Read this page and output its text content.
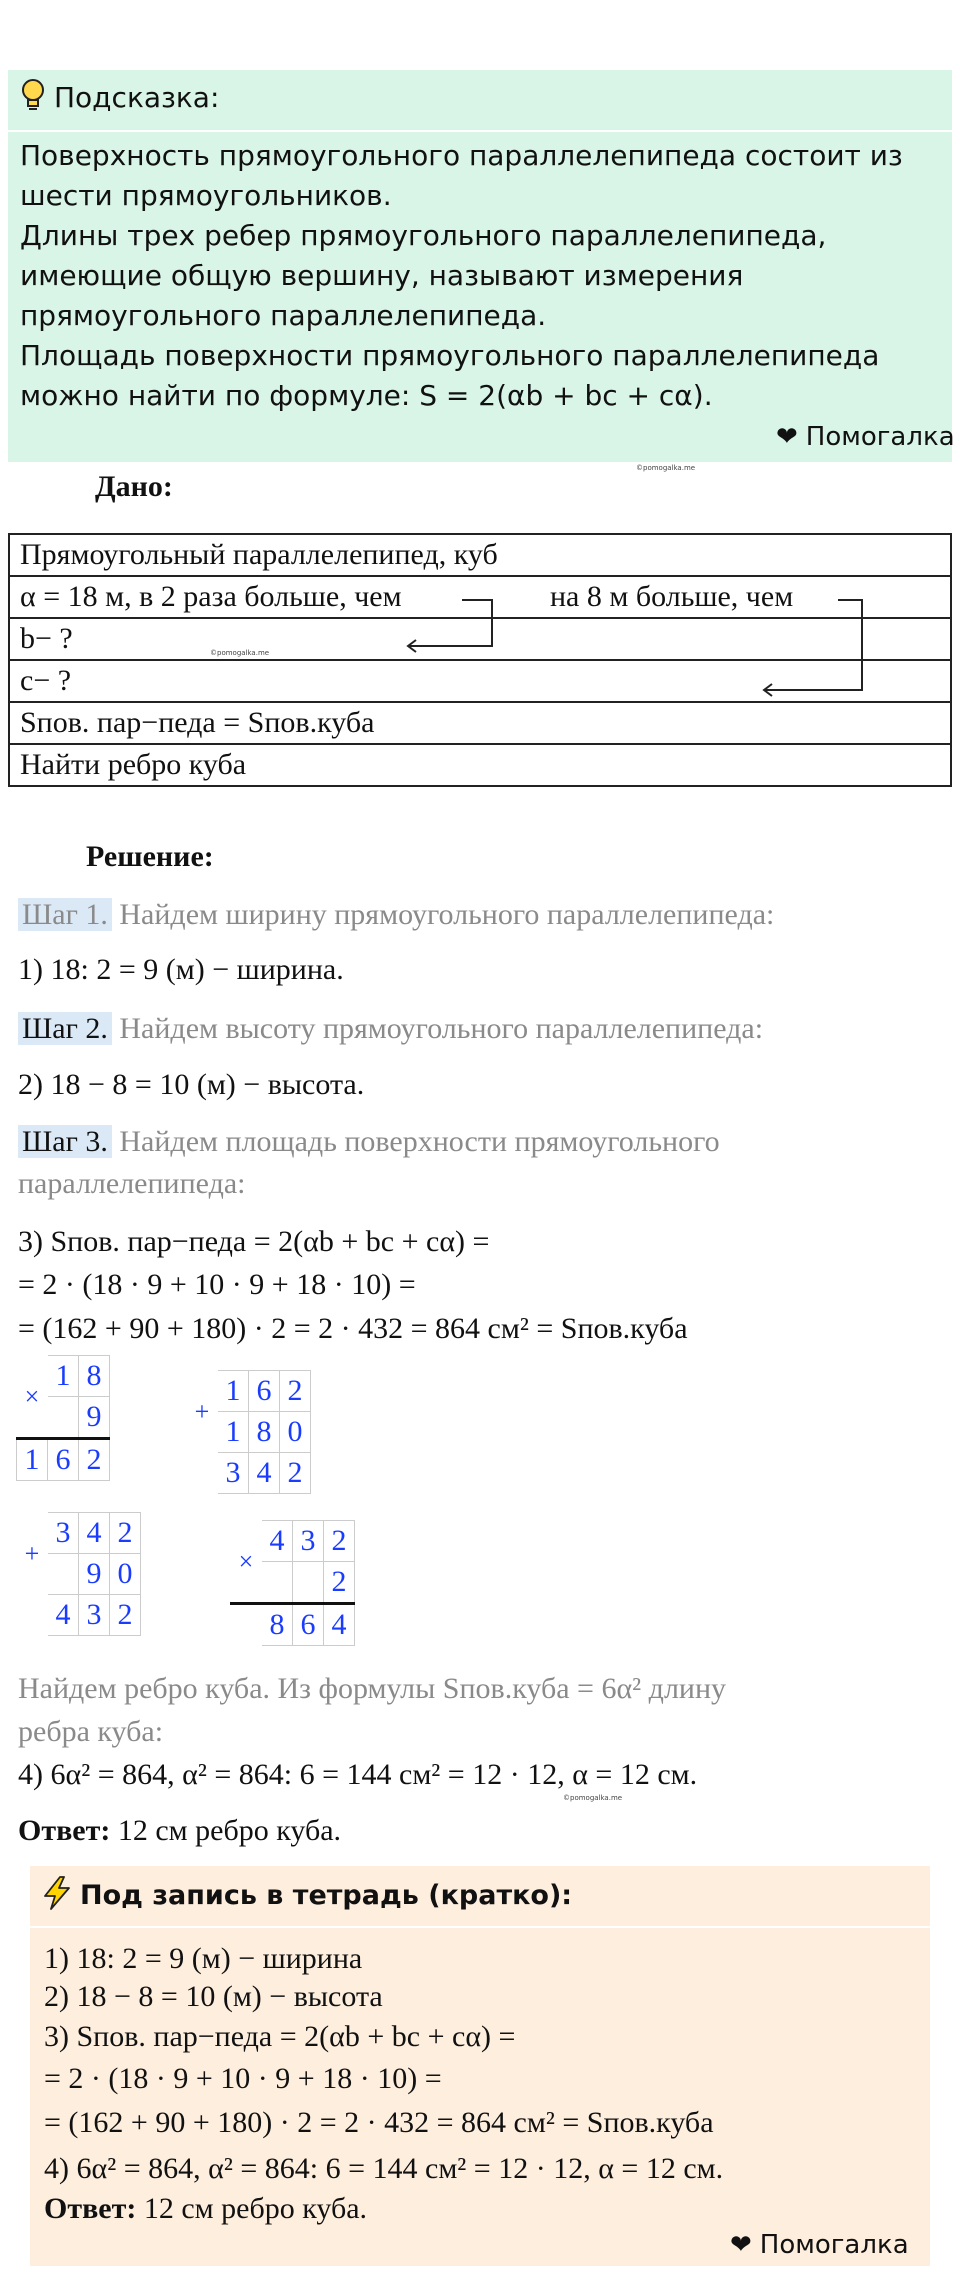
Подсказка:

Поверхность прямоугольного параллелепипеда состоит из шести прямоугольников.

Длины трех ребер прямоугольного параллелепипеда, имеющие общую вершину, называют измерения прямоугольного параллелепипеда.

Площадь поверхности прямоугольного параллелепипеда можно найти по формуле: S = 2(αb + bc + cα).

❤ Помогалка
Дано:
©pomogalka.me
Прямоугольный параллелепипед, куб
α = 18 м, в 2 раза больше, чем	на 8 м больше, чем

b− ?	©pomogalka.me

c− ?
Sпов. пар−педа = Sпов.куба
Найти ребро куба
Решение:
Шаг 1. Найдем ширину прямоугольного параллелепипеда:
1) 18: 2 = 9 (м) − ширина.
Шаг 2. Найдем высоту прямоугольного параллелепипеда:
2) 18 − 8 = 10 (м) − высота.
Шаг 3. Найдем площадь поверхности прямоугольного
параллелепипеда:
3) Sпов. пар−педа = 2(αb + bc + cα) =
= 2 · (18 · 9 + 10 · 9 + 18 · 10) =
= (162 + 90 + 180) · 2 = 2 · 432 = 864 см² = Sпов.куба
×	1	8
		9
1	6	2
+	1	6	2
	1	8	0
	3	4	2
+	3	4	2
		9	0
	4	3	2
×	4	3	2
			2
	8	6	4
Найдем ребро куба. Из формулы Sпов.куба = 6α² длину
ребра куба:
4) 6α² = 864, α² = 864: 6 = 144 см² = 12 · 12, α = 12 см.
©pomogalka.me
Ответ: 12 см ребро куба.
Под запись в тетрадь (кратко):
1) 18: 2 = 9 (м) − ширина
2) 18 − 8 = 10 (м) − высота
3) Sпов. пар−педа = 2(αb + bc + cα) =
= 2 · (18 · 9 + 10 · 9 + 18 · 10) =
= (162 + 90 + 180) · 2 = 2 · 432 = 864 см² = Sпов.куба
4) 6α² = 864, α² = 864: 6 = 144 см² = 12 · 12, α = 12 см.
Ответ: 12 см ребро куба.
❤ Помогалка
